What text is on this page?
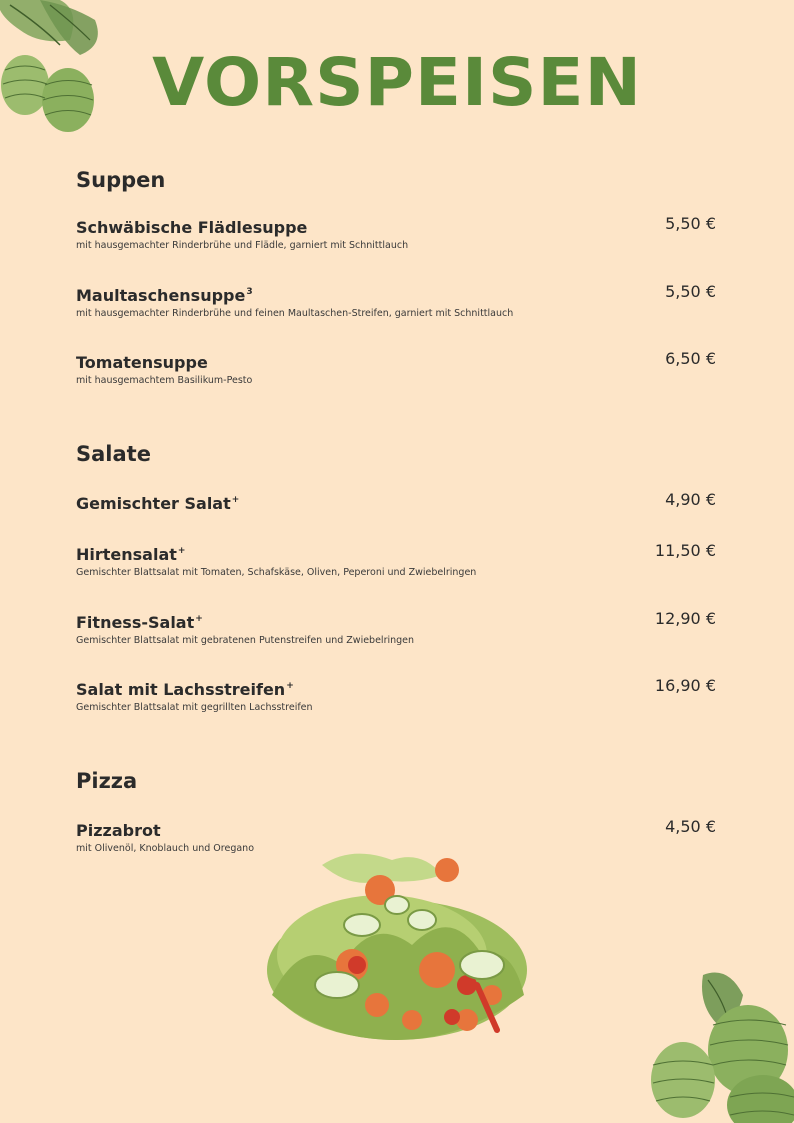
VORSPEISEN
Suppen
Schwäbische Flädlesuppe	5,50 €
mit hausgemachter Rinderbrühe und Flädle, garniert mit Schnittlauch
Maultaschensuppe$^3$	5,50 €
mit hausgemachter Rinderbrühe und feinen Maultaschen-Streifen, garniert mit Schnittlauch
Tomatensuppe	6,50 €
mit hausgemachtem Basilikum-Pesto
Salate
Gemischter Salat+	4,90 €
Hirtensalat+	11,50 €
Gemischter Blattsalat mit Tomaten, Schafskäse, Oliven, Peperoni und Zwiebelringen
Fitness-Salat+	12,90 €
Gemischter Blattsalat mit gebratenen Putenstreifen und Zwiebelringen
Salat mit Lachsstreifen+	16,90 €
Gemischter Blattsalat mit gegrillten Lachsstreifen
Pizza
Pizzabrot	4,50 €
mit Olivenöl, Knoblauch und Oregano
